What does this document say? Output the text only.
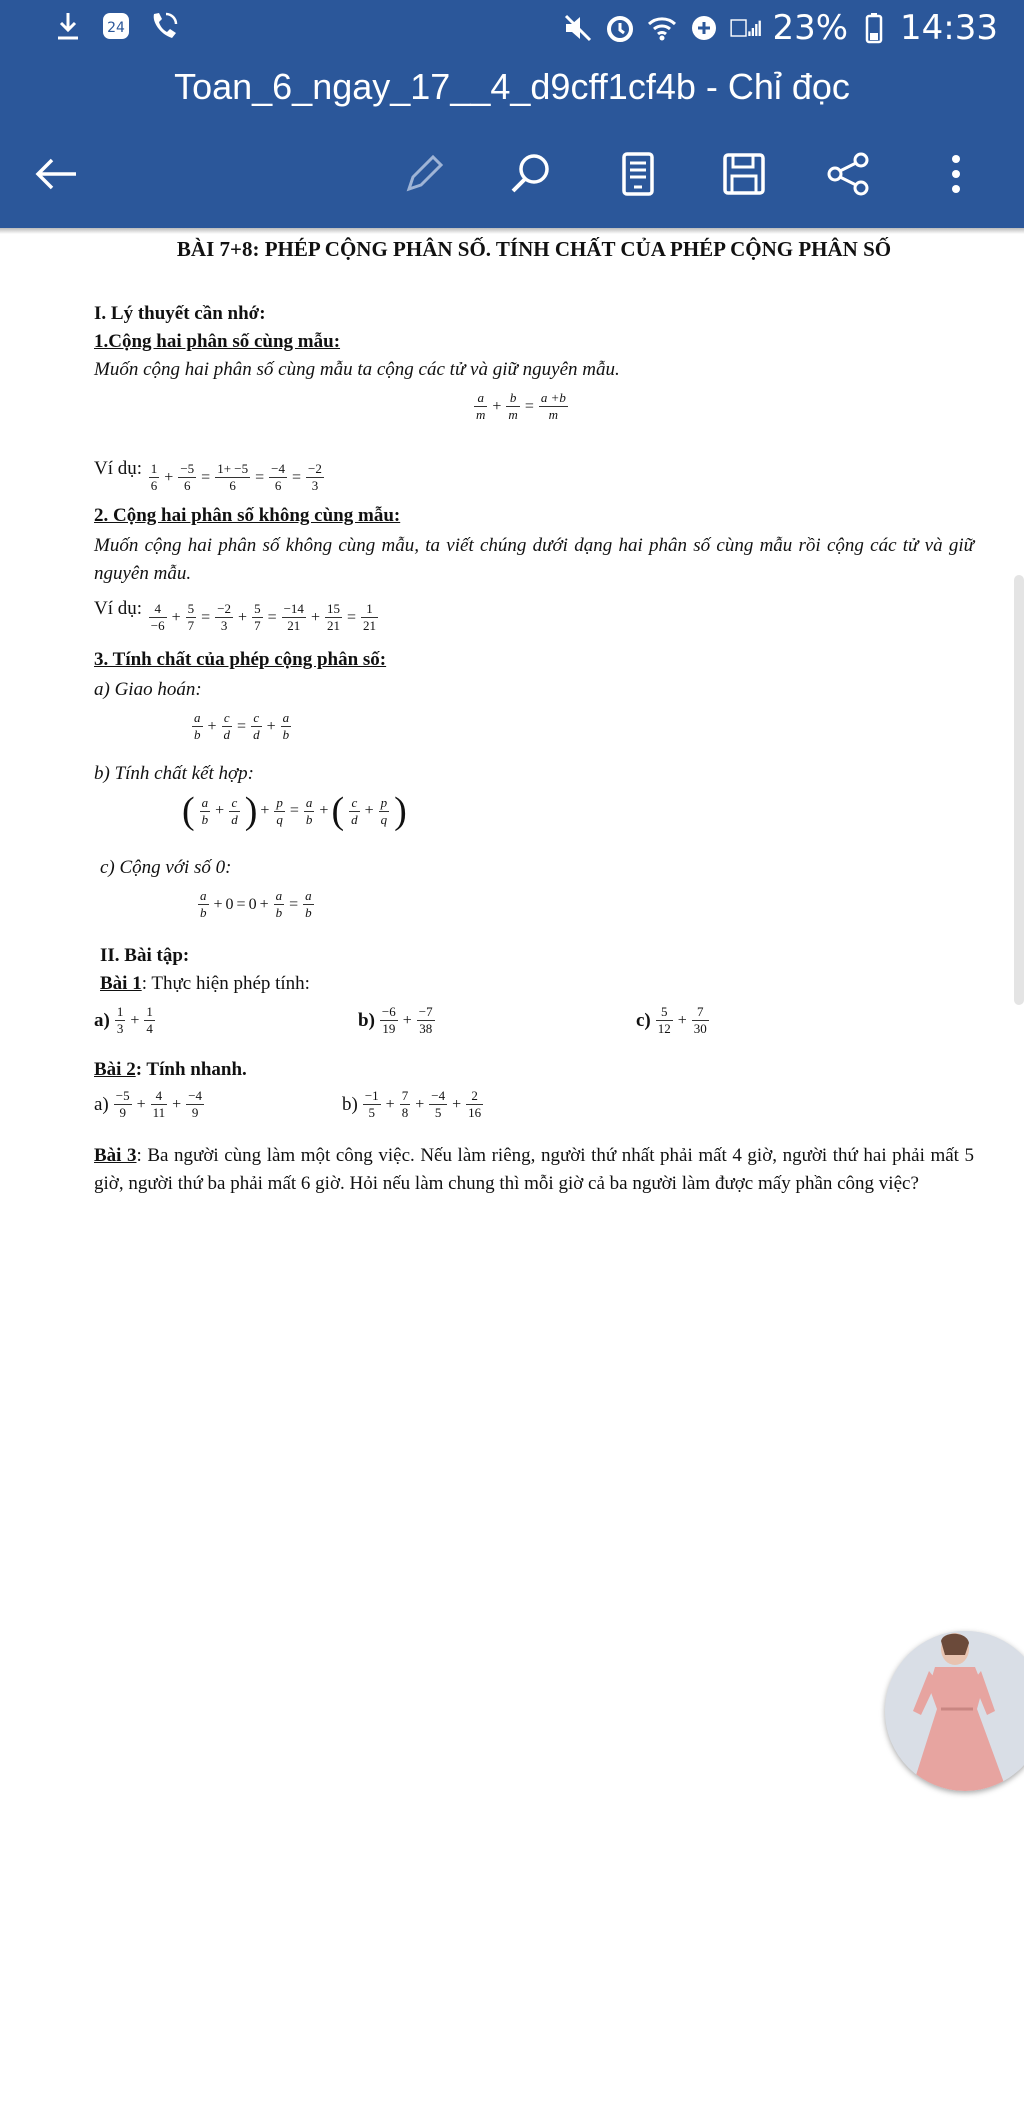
24	23% 14:33
Toan_6_ngay_17__4_d9cff1cf4b - Chỉ đọc
BÀI 7+8: PHÉP CỘNG PHÂN SỐ. TÍNH CHẤT CỦA PHÉP CỘNG PHÂN SỐ
I. Lý thuyết cần nhớ:
1.Cộng hai phân số cùng mẫu:
Muốn cộng hai phân số cùng mẫu ta cộng các tử và giữ nguyên mẫu.
$\frac{a}{m} + \frac{b}{m} = \frac{a +b}{m}$
Ví dụ: $\frac{1}{6} + \frac{-5}{6} = \frac{1+ -5}{6} = \frac{-4}{6} = \frac{-2}{3}$
2. Cộng hai phân số không cùng mẫu:
Muốn cộng hai phân số không cùng mẫu, ta viết chúng dưới dạng hai phân số cùng mẫu rồi cộng các tử và giữ nguyên mẫu.
Ví dụ: $\frac{4}{-6} + \frac{5}{7} = \frac{-2}{3} + \frac{5}{7} = \frac{-14}{21} + \frac{15}{21} = \frac{1}{21}$
3. Tính chất của phép cộng phân số:
a) Giao hoán:
$\frac{a}{b} + \frac{c}{d} = \frac{c}{d} + \frac{a}{b}$
b) Tính chất kết hợp:
( $\frac{a}{b} + \frac{c}{d}$ ) + $\frac{p}{q} = \frac{a}{b}$ + ( $\frac{c}{d} + \frac{p}{q}$ )
c) Cộng với số 0:
$\frac{a}{b} + 0 = 0 + \frac{a}{b} = \frac{a}{b}$
II. Bài tập:
Bài 1: Thực hiện phép tính:
$a) \frac{1}{3} + \frac{1}{4}$	$b) \frac{-6}{19} + \frac{-7}{38}$	$c) \frac{5}{12} + \frac{7}{30}$
Bài 2: Tính nhanh.
$a) \frac{-5}{9} + \frac{4}{11} + \frac{-4}{9}$	$b) \frac{-1}{5} + \frac{7}{8} + \frac{-4}{5} + \frac{2}{16}$
Bài 3: Ba người cùng làm một công việc. Nếu làm riêng, người thứ nhất phải mất 4 giờ, người thứ hai phải mất 5 giờ, người thứ ba phải mất 6 giờ. Hỏi nếu làm chung thì mỗi giờ cả ba người làm được mấy phần công việc?
